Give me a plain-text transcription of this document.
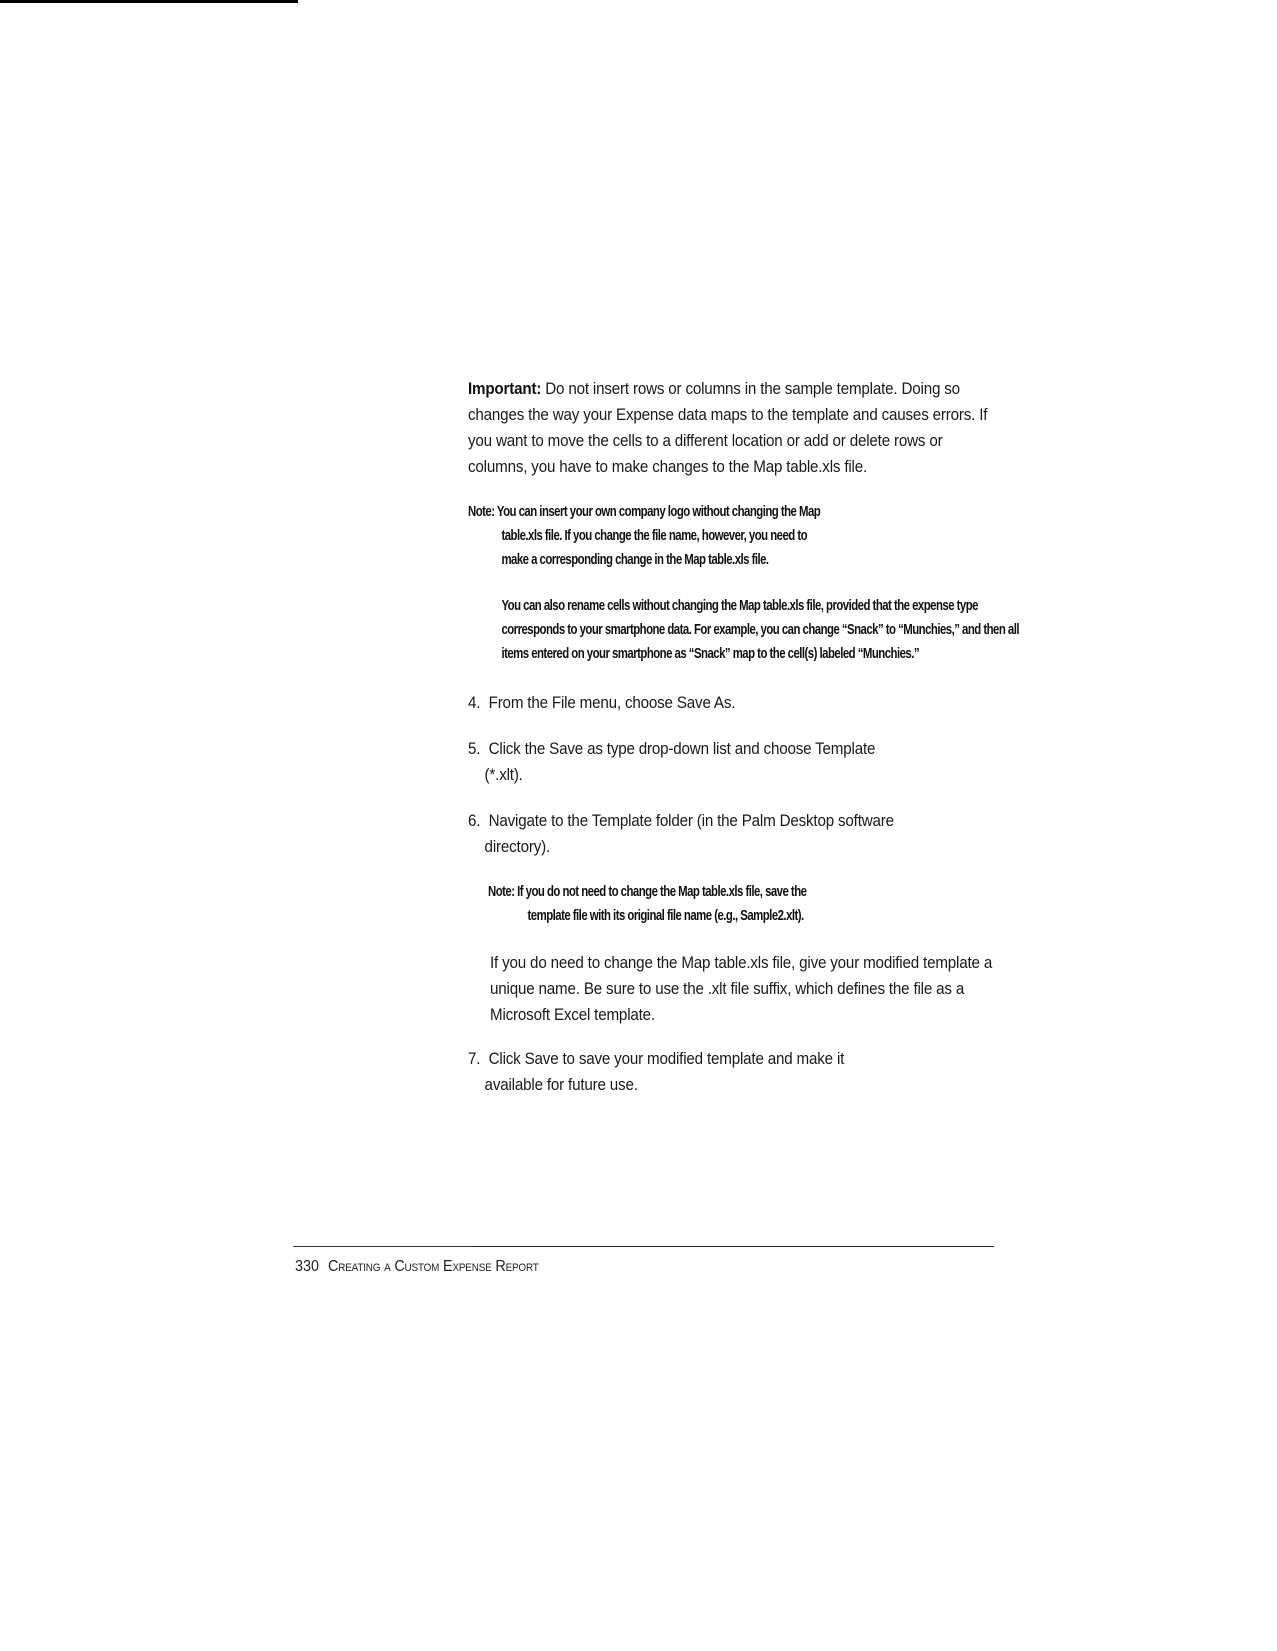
Important: Do not insert rows or columns in the sample template. Doing so changes the way your Expense data maps to the template and causes errors. If you want to move the cells to a different location or add or delete rows or columns, you have to make changes to the Map table.xls file.

Note: You can insert your own company logo without changing the Map
table.xls file. If you change the file name, however, you need to
make a corresponding change in the Map table.xls file.

You can also rename cells without changing the Map table.xls file, provided that the expense type corresponds to your smartphone data. For example, you can change “Snack” to “Munchies,” and then all items entered on your smartphone as “Snack” map to the cell(s) labeled “Munchies.”

4. From the File menu, choose Save As.

5. Click the Save as type drop-down list and choose Template
(*.xlt).

6. Navigate to the Template folder (in the Palm Desktop software
directory).

Note: If you do not need to change the Map table.xls file, save the
template file with its original file name (e.g., Sample2.xlt).

If you do need to change the Map table.xls file, give your modified template a unique name. Be sure to use the .xlt file suffix, which defines the file as a Microsoft Excel template.

7. Click Save to save your modified template and make it
available for future use.

330 Creating a Custom Expense Report
